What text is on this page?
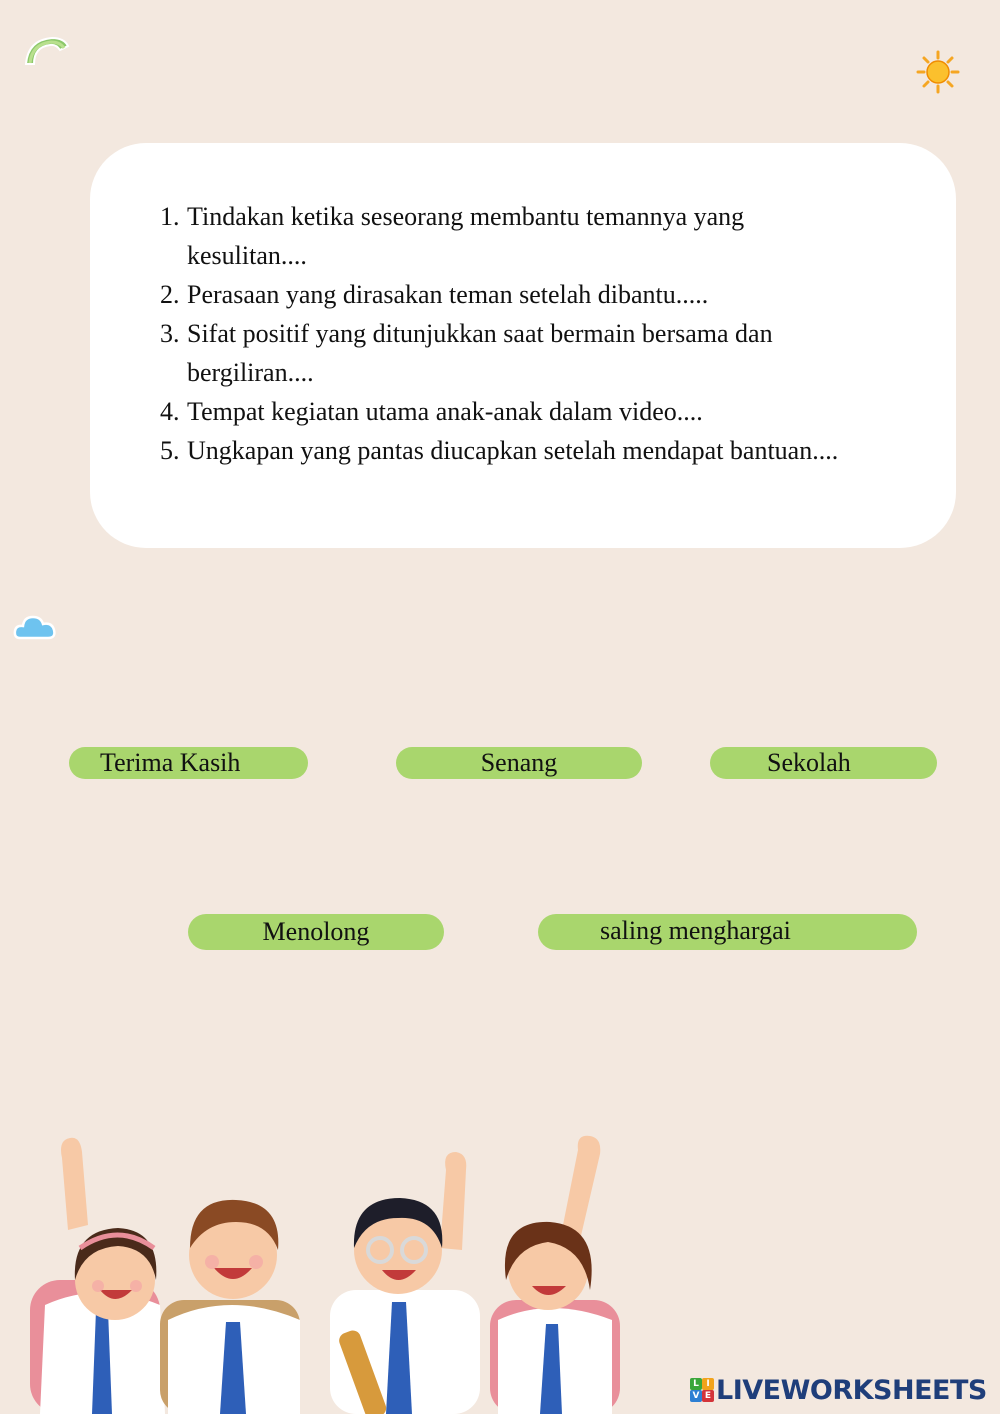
1. Tindakan ketika seseorang membantu temannya yang kesulitan....
2. Perasaan yang dirasakan teman setelah dibantu.....
3. Sifat positif yang ditunjukkan saat bermain bersama dan bergiliran....
4. Tempat kegiatan utama anak-anak dalam video....
5. Ungkapan yang pantas diucapkan setelah mendapat bantuan....
Terima Kasih	Senang	Sekolah
Menolong	saling menghargai
L I
V E LIVEWORKSHEETS
